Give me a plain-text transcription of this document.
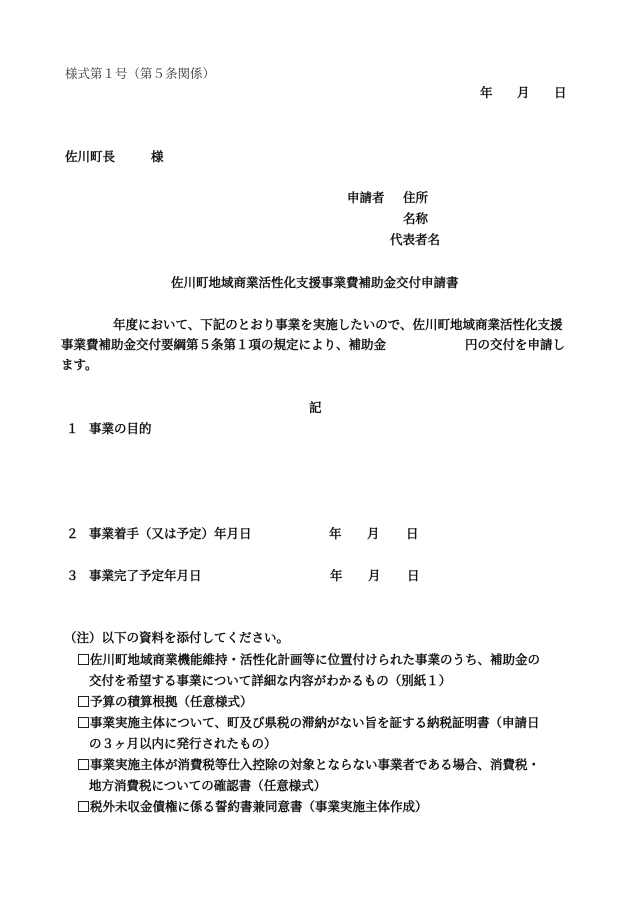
様式第１号（第５条関係）
年 月 日
佐川町長	様
申請者 住所
名称
代表者名
佐川町地域商業活性化支援事業費補助金交付申請書
年度において、下記のとおり事業を実施したいので、佐川町地域商業活性化支援
事業費補助金交付要綱第５条第１項の規定により、補助金	円の交付を申請し
ます。
記
１ 事業の目的
２ 事業着手（又は予定）年月日	年 月 日
３ 事業完了予定年月日	年 月 日
（注）以下の資料を添付してください。
佐川町地域商業機能維持・活性化計画等に位置付けられた事業のうち、補助金の
交付を希望する事業について詳細な内容がわかるもの（別紙１）
予算の積算根拠（任意様式）
事業実施主体について、町及び県税の滞納がない旨を証する納税証明書（申請日
の３ヶ月以内に発行されたもの）
事業実施主体が消費税等仕入控除の対象とならない事業者である場合、消費税・
地方消費税についての確認書（任意様式）
税外未収金債権に係る誓約書兼同意書（事業実施主体作成）
